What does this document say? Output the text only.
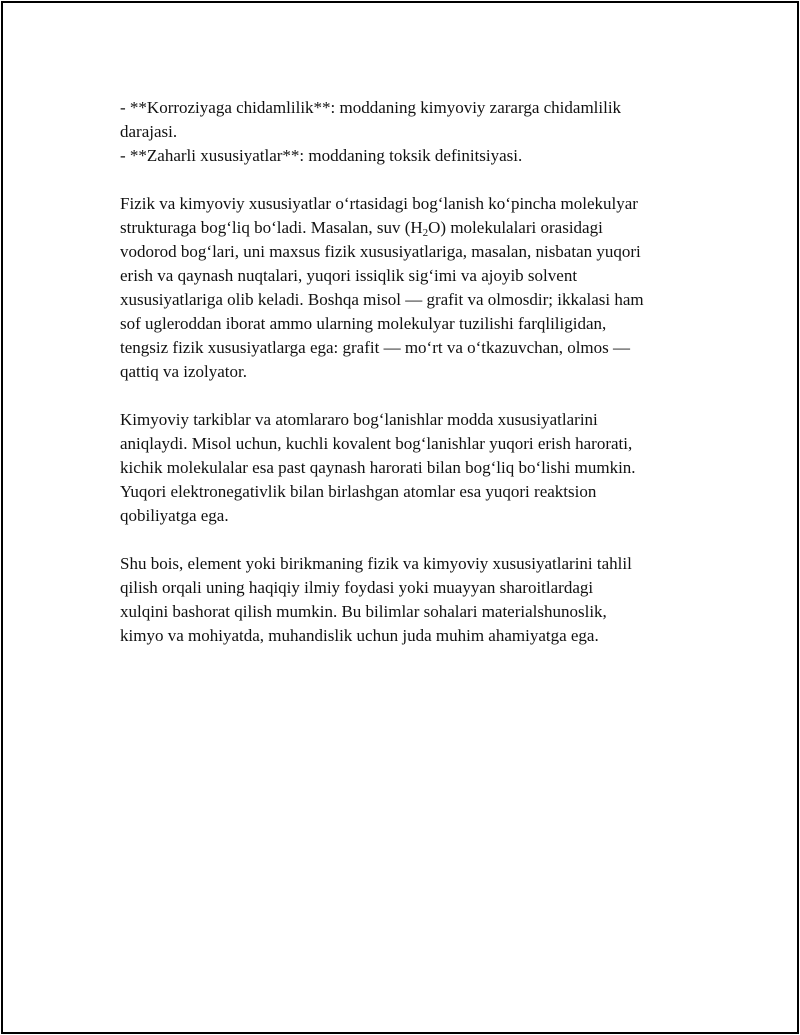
- **Korroziyaga chidamlilik**: moddaning kimyoviy zararga chidamlilik

darajasi.

- **Zaharli xususiyatlar**: moddaning toksik definitsiyasi.

Fizik va kimyoviy xususiyatlar oʻrtasidagi bogʻlanish koʻpincha molekulyar

strukturaga bogʻliq boʻladi. Masalan, suv $(H_2O)$ molekulalari orasidagi

vodorod bogʻlari, uni maxsus fizik xususiyatlariga, masalan, nisbatan yuqori

erish va qaynash nuqtalari, yuqori issiqlik sigʻimi va ajoyib solvent

xususiyatlariga olib keladi. Boshqa misol — grafit va olmosdir; ikkalasi ham

sof ugleroddan iborat ammo ularning molekulyar tuzilishi farqliligidan,

tengsiz fizik xususiyatlarga ega: grafit — moʻrt va oʻtkazuvchan, olmos —

qattiq va izolyator.

Kimyoviy tarkiblar va atomlararo bogʻlanishlar modda xususiyatlarini

aniqlaydi. Misol uchun, kuchli kovalent bogʻlanishlar yuqori erish harorati,

kichik molekulalar esa past qaynash harorati bilan bogʻliq boʻlishi mumkin.

Yuqori elektronegativlik bilan birlashgan atomlar esa yuqori reaktsion

qobiliyatga ega.

Shu bois, element yoki birikmaning fizik va kimyoviy xususiyatlarini tahlil

qilish orqali uning haqiqiy ilmiy foydasi yoki muayyan sharoitlardagi

xulqini bashorat qilish mumkin. Bu bilimlar sohalari materialshunoslik,

kimyo va mohiyatda, muhandislik uchun juda muhim ahamiyatga ega.
